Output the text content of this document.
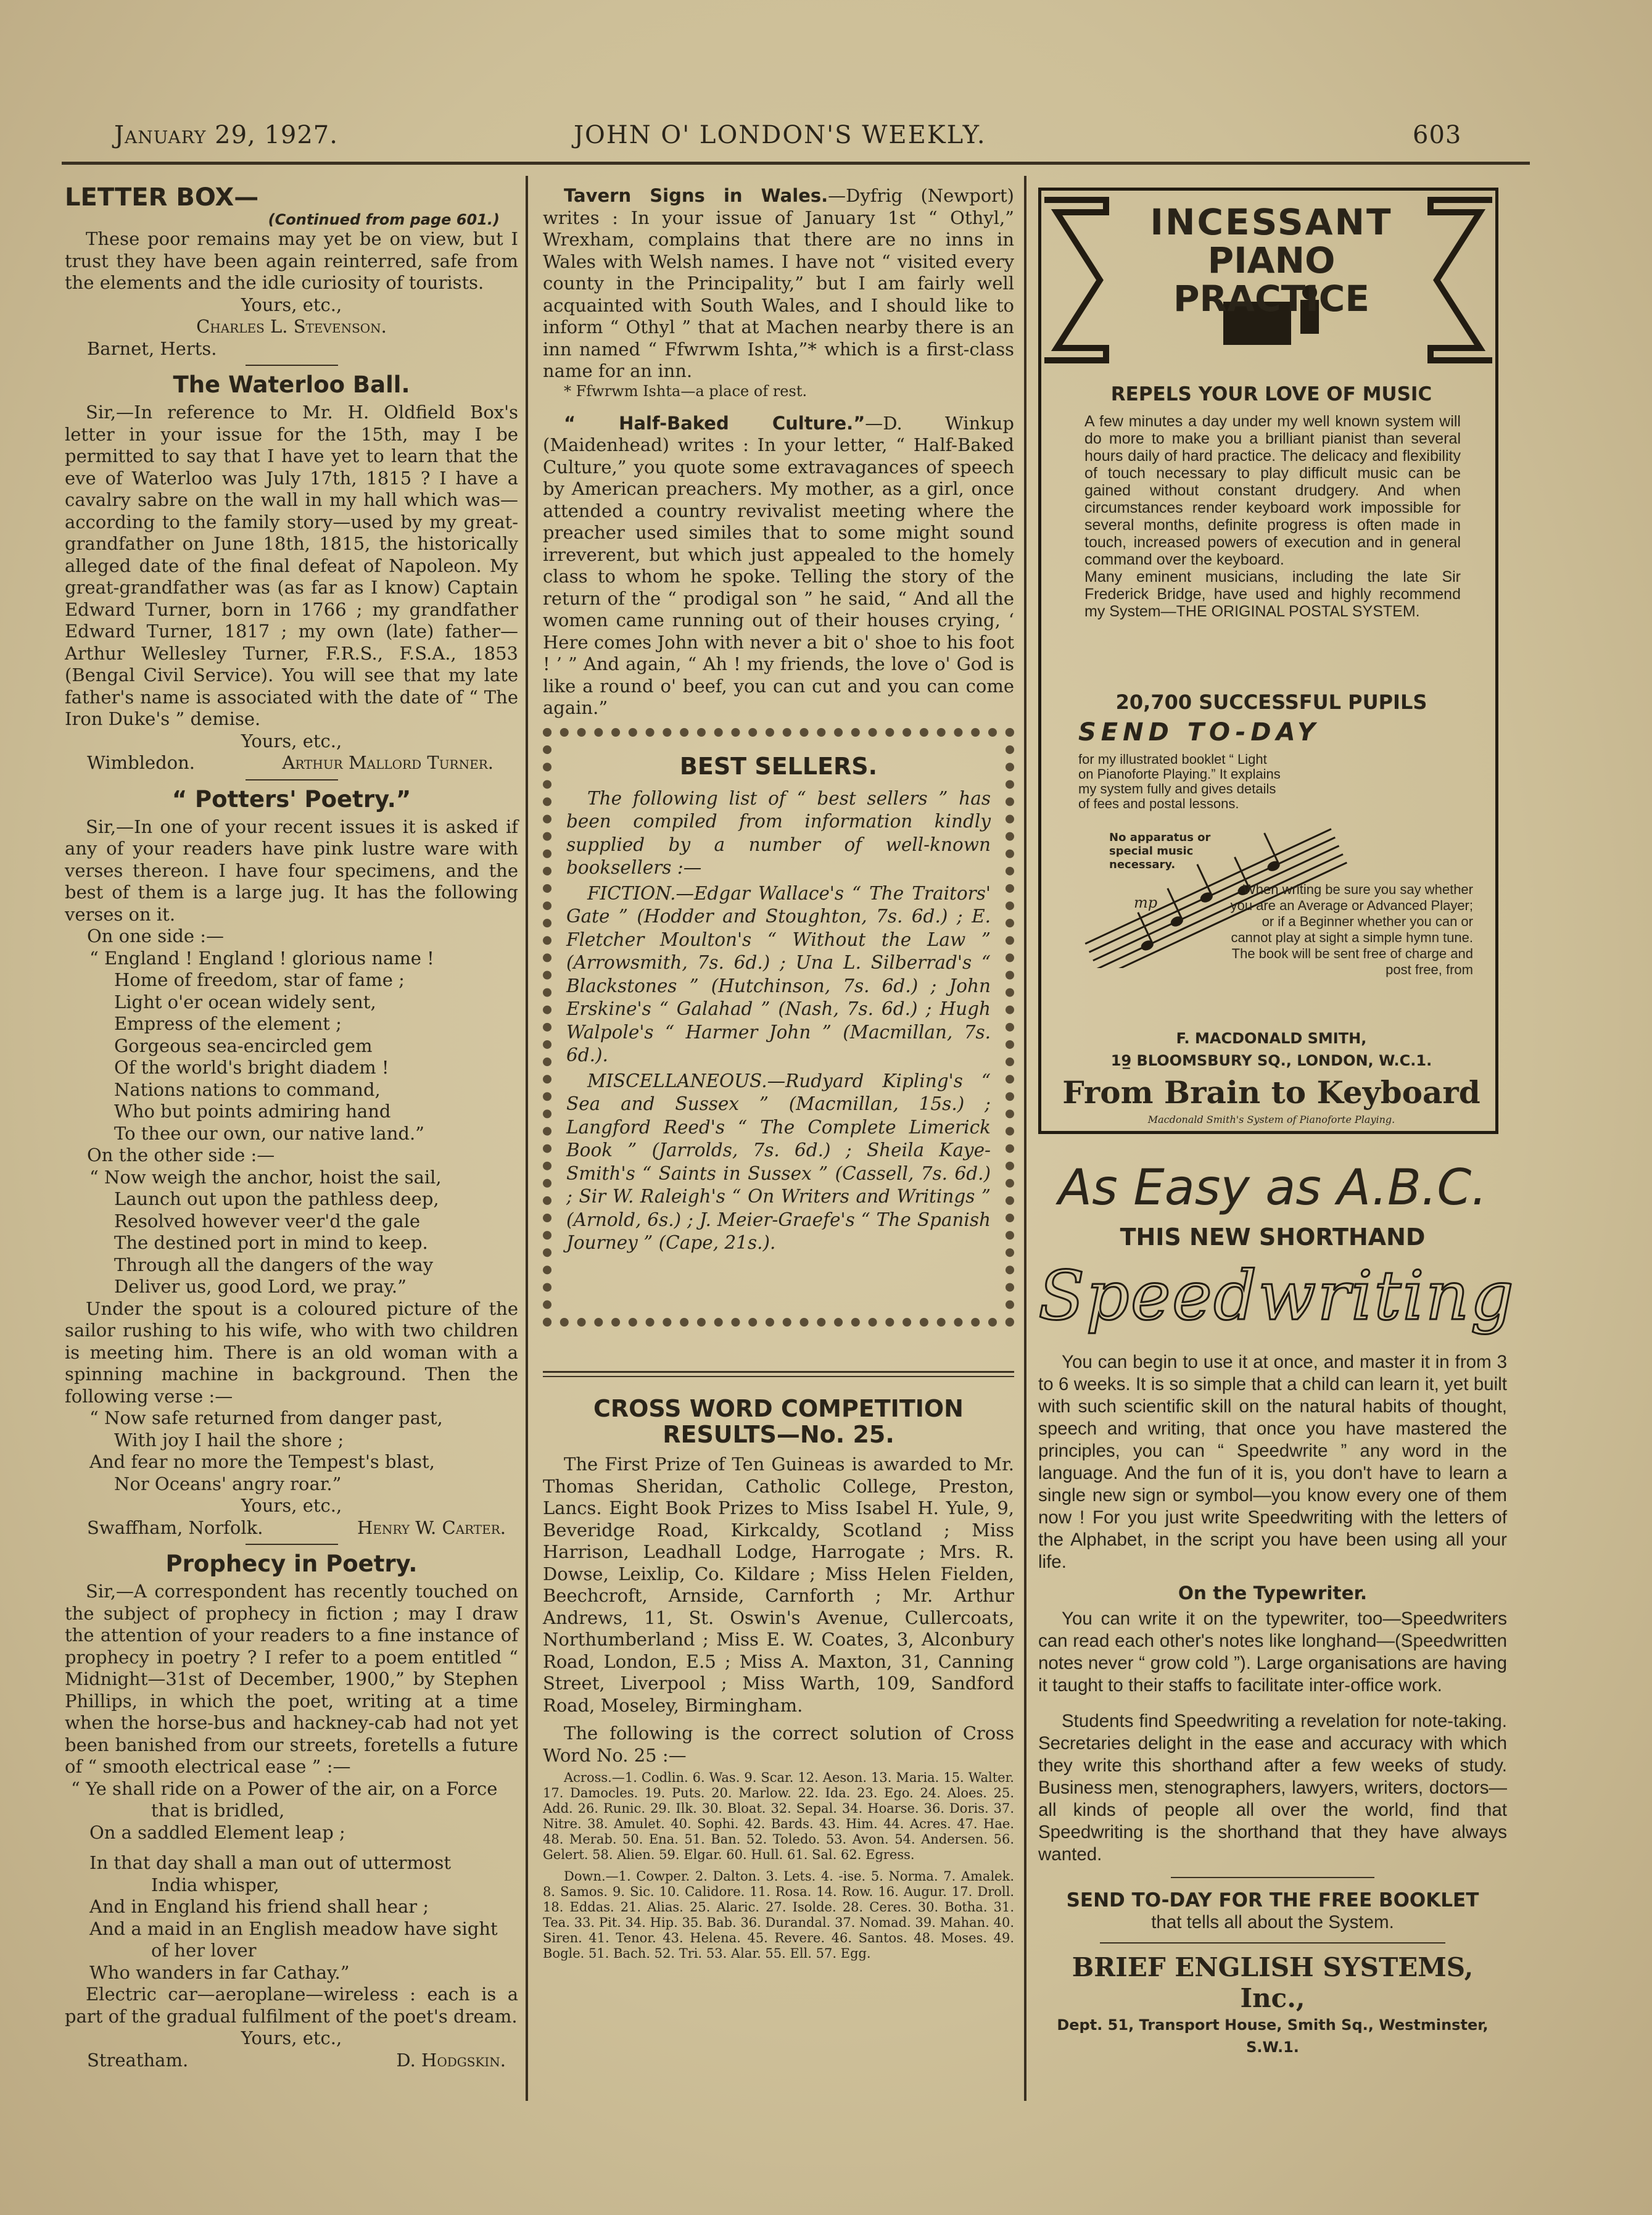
January 29, 1927.	JOHN O' LONDON'S WEEKLY.	603
LETTER BOX—

(Continued from page 601.)

These poor remains may yet be on view, but I trust they have been again reinterred, safe from the elements and the idle curiosity of tourists.

Yours, etc.,

Charles L. Stevenson.

Barnet, Herts.

The Waterloo Ball.

Sir,—In reference to Mr. H. Oldfield Box's letter in your issue for the 15th, may I be permitted to say that I have yet to learn that the eve of Waterloo was July 17th, 1815 ? I have a cavalry sabre on the wall in my hall which was—according to the family story—used by my great-grandfather on June 18th, 1815, the historically alleged date of the final defeat of Napoleon. My great-grandfather was (as far as I know) Captain Edward Turner, born in 1766 ; my grandfather Edward Turner, 1817 ; my own (late) father—Arthur Wellesley Turner, F.R.S., F.S.A., 1853 (Bengal Civil Service). You will see that my late father's name is associated with the date of “ The Iron Duke's ” demise.

Yours, etc.,

Wimbledon.	Arthur Mallord Turner.
“ Potters' Poetry.”

Sir,—In one of your recent issues it is asked if any of your readers have pink lustre ware with verses thereon. I have four specimens, and the best of them is a large jug. It has the following verses on it.

On one side :—

“ England ! England ! glorious name !

Home of freedom, star of fame ;

Light o'er ocean widely sent,

Empress of the element ;

Gorgeous sea-encircled gem

Of the world's bright diadem !

Nations nations to command,

Who but points admiring hand

To thee our own, our native land.”

On the other side :—

“ Now weigh the anchor, hoist the sail,

Launch out upon the pathless deep,

Resolved however veer'd the gale

The destined port in mind to keep.

Through all the dangers of the way

Deliver us, good Lord, we pray.”

Under the spout is a coloured picture of the sailor rushing to his wife, who with two children is meeting him. There is an old woman with a spinning machine in background. Then the following verse :—

“ Now safe returned from danger past,

With joy I hail the shore ;

And fear no more the Tempest's blast,

Nor Oceans' angry roar.”

Yours, etc.,

Swaffham, Norfolk.	Henry W. Carter.
Prophecy in Poetry.

Sir,—A correspondent has recently touched on the subject of prophecy in fiction ; may I draw the attention of your readers to a fine instance of prophecy in poetry ? I refer to a poem entitled “ Midnight—31st of December, 1900,” by Stephen Phillips, in which the poet, writing at a time when the horse-bus and hackney-cab had not yet been banished from our streets, foretells a future of “ smooth electrical ease ” :—

“ Ye shall ride on a Power of the air, on a Force

that is bridled,

On a saddled Element leap ;

In that day shall a man out of uttermost

India whisper,

And in England his friend shall hear ;

And a maid in an English meadow have sight

of her lover

Who wanders in far Cathay.”

Electric car—aeroplane—wireless : each is a part of the gradual fulfilment of the poet's dream.

Yours, etc.,

Streatham.	D. Hodgskin.

Tavern Signs in Wales.—Dyfrig (Newport) writes : In your issue of January 1st “ Othyl,” Wrexham, complains that there are no inns in Wales with Welsh names. I have not “ visited every county in the Principality,” but I am fairly well acquainted with South Wales, and I should like to inform “ Othyl ” that at Machen nearby there is an inn named “ Ffwrwm Ishta,”* which is a first-class name for an inn.

* Ffwrwm Ishta—a place of rest.

“ Half-Baked Culture.”—D. Winkup (Maidenhead) writes : In your letter, “ Half-Baked Culture,” you quote some extravagances of speech by American preachers. My mother, as a girl, once attended a country revivalist meeting where the preacher used similes that to some might sound irreverent, but which just appealed to the homely class to whom he spoke. Telling the story of the return of the “ prodigal son ” he said, “ And all the women came running out of their houses crying, ‘ Here comes John with never a bit o' shoe to his foot ! ’ ” And again, “ Ah ! my friends, the love o' God is like a round o' beef, you can cut and you can come again.”

BEST SELLERS.

The following list of “ best sellers ” has been compiled from information kindly supplied by a number of well-known booksellers :—

FICTION.—Edgar Wallace's “ The Traitors' Gate ” (Hodder and Stoughton, 7s. 6d.) ; E. Fletcher Moulton's “ Without the Law ” (Arrowsmith, 7s. 6d.) ; Una L. Silberrad's “ Blackstones ” (Hutchinson, 7s. 6d.) ; John Erskine's “ Galahad ” (Nash, 7s. 6d.) ; Hugh Walpole's “ Harmer John ” (Macmillan, 7s. 6d.).

MISCELLANEOUS.—Rudyard Kipling's “ Sea and Sussex ” (Macmillan, 15s.) ; Langford Reed's “ The Complete Limerick Book ” (Jarrolds, 7s. 6d.) ; Sheila Kaye-Smith's “ Saints in Sussex ” (Cassell, 7s. 6d.) ; Sir W. Raleigh's “ On Writers and Writings ” (Arnold, 6s.) ; J. Meier-Graefe's “ The Spanish Journey ” (Cape, 21s.).

CROSS WORD COMPETITION
RESULTS—No. 25.

The First Prize of Ten Guineas is awarded to Mr. Thomas Sheridan, Catholic College, Preston, Lancs. Eight Book Prizes to Miss Isabel H. Yule, 9, Beveridge Road, Kirkcaldy, Scotland ; Miss Harrison, Leadhall Lodge, Harrogate ; Mrs. R. Dowse, Leixlip, Co. Kildare ; Miss Helen Fielden, Beechcroft, Arnside, Carnforth ; Mr. Arthur Andrews, 11, St. Oswin's Avenue, Cullercoats, Northumberland ; Miss E. W. Coates, 3, Alconbury Road, London, E.5 ; Miss A. Maxton, 31, Canning Street, Liverpool ; Miss Warth, 109, Sandford Road, Moseley, Birmingham.

The following is the correct solution of Cross Word No. 25 :—

Across.—1. Codlin. 6. Was. 9. Scar. 12. Aeson. 13. Maria. 15. Walter. 17. Damocles. 19. Puts. 20. Marlow. 22. Ida. 23. Ego. 24. Aloes. 25. Add. 26. Runic. 29. Ilk. 30. Bloat. 32. Sepal. 34. Hoarse. 36. Doris. 37. Nitre. 38. Amulet. 40. Sophi. 42. Bards. 43. Him. 44. Acres. 47. Hae. 48. Merab. 50. Ena. 51. Ban. 52. Toledo. 53. Avon. 54. Andersen. 56. Gelert. 58. Alien. 59. Elgar. 60. Hull. 61. Sal. 62. Egress.

Down.—1. Cowper. 2. Dalton. 3. Lets. 4. -ise. 5. Norma. 7. Amalek. 8. Samos. 9. Sic. 10. Calidore. 11. Rosa. 14. Row. 16. Augur. 17. Droll. 18. Eddas. 21. Alias. 25. Alaric. 27. Isolde. 28. Ceres. 30. Botha. 31. Tea. 33. Pit. 34. Hip. 35. Bab. 36. Durandal. 37. Nomad. 39. Mahan. 40. Siren. 41. Tenor. 43. Helena. 45. Revere. 46. Santos. 48. Moses. 49. Bogle. 51. Bach. 52. Tri. 53. Alar. 55. Ell. 57. Egg.

INCESSANT
PIANO
PRACTICE
REPELS YOUR LOVE OF MUSIC

A few minutes a day under my well known system will do more to make you a brilliant pianist than several hours daily of hard practice. The delicacy and flexibility of touch necessary to play difficult music can be gained without constant drudgery. And when circumstances render keyboard work impossible for several months, definite progress is often made in touch, increased powers of execution and in general command over the keyboard.

Many eminent musicians, including the late Sir Frederick Bridge, have used and highly recommend my System—THE ORIGINAL POSTAL SYSTEM.

20,700 SUCCESSFUL PUPILS
SEND TO-DAY
for my illustrated booklet “ Light on Pianoforte Playing.” It explains my system fully and gives details of fees and postal lessons.
No apparatus or special music necessary.
mp
When writing be sure you say whether you are an Average or Advanced Player; or if a Beginner whether you can or cannot play at sight a simple hymn tune. The book will be sent free of charge and post free, from
F. MACDONALD SMITH,
19̲ BLOOMSBURY SQ., LONDON, W.C.1.
From Brain to Keyboard
Macdonald Smith's System of Pianoforte Playing.
As Easy as A.B.C.
THIS NEW SHORTHAND
Speedwriting

You can begin to use it at once, and master it in from 3 to 6 weeks. It is so simple that a child can learn it, yet built with such scientific skill on the natural habits of thought, speech and writing, that once you have mastered the principles, you can “ Speedwrite ” any word in the language. And the fun of it is, you don't have to learn a single new sign or symbol—you know every one of them now ! For you just write Speedwriting with the letters of the Alphabet, in the script you have been using all your life.

On the Typewriter.

You can write it on the typewriter, too—Speedwriters can read each other's notes like longhand—(Speedwritten notes never “ grow cold ”). Large organisations are having it taught to their staffs to facilitate inter-office work.

Students find Speedwriting a revelation for note-taking. Secretaries delight in the ease and accuracy with which they write this shorthand after a few weeks of study. Business men, stenographers, lawyers, writers, doctors—all kinds of people all over the world, find that Speedwriting is the shorthand that they have always wanted.

SEND TO-DAY FOR THE FREE BOOKLET
that tells all about the System.
BRIEF ENGLISH SYSTEMS, Inc.,
Dept. 51, Transport House, Smith Sq., Westminster, S.W.1.
